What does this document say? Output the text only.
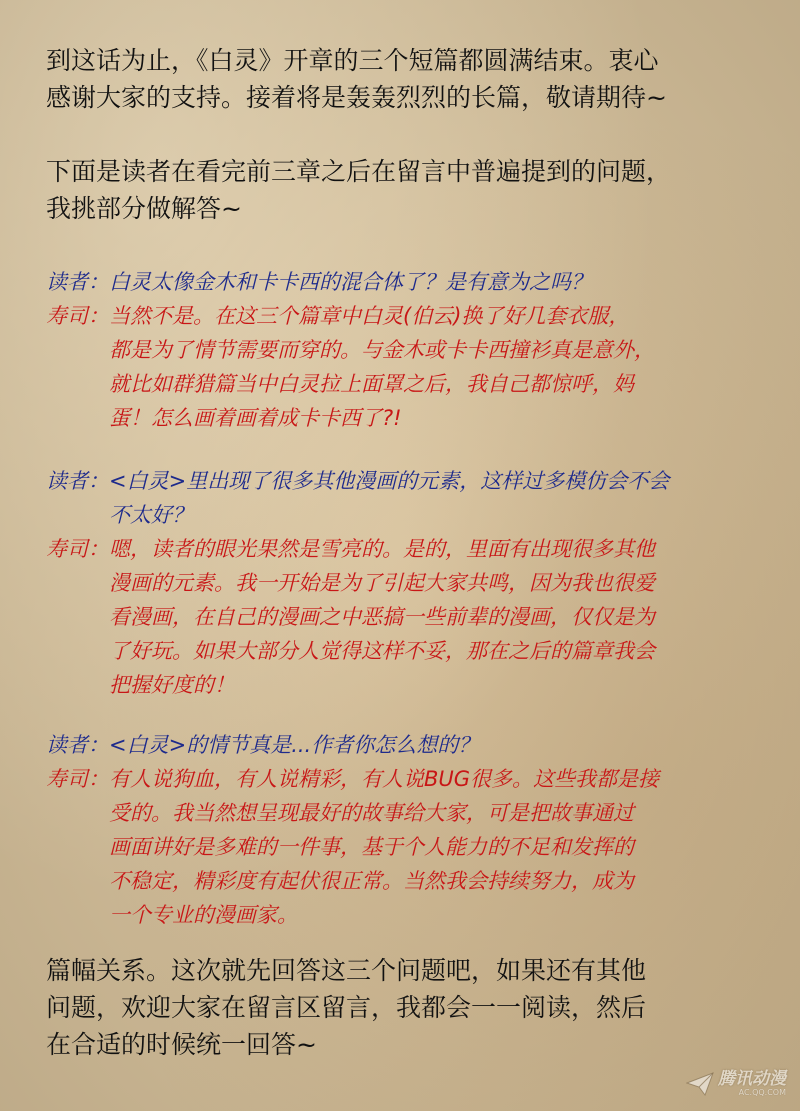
到这话为止，《白灵》开章的三个短篇都圆满结束。衷心
感谢大家的支持。接着将是轰轰烈烈的长篇，敬请期待~
下面是读者在看完前三章之后在留言中普遍提到的问题，
我挑部分做解答~
读者： 白灵太像金木和卡卡西的混合体了？是有意为之吗？
寿司： 当然不是。在这三个篇章中白灵(伯云)换了好几套衣服，
都是为了情节需要而穿的。与金木或卡卡西撞衫真是意外，
就比如群猎篇当中白灵拉上面罩之后，我自己都惊呼，妈
蛋！怎么画着画着成卡卡西了?!
读者： <白灵>里出现了很多其他漫画的元素，这样过多模仿会不会
不太好？
寿司： 嗯，读者的眼光果然是雪亮的。是的，里面有出现很多其他
漫画的元素。我一开始是为了引起大家共鸣，因为我也很爱
看漫画，在自己的漫画之中恶搞一些前辈的漫画，仅仅是为
了好玩。如果大部分人觉得这样不妥，那在之后的篇章我会
把握好度的！
读者： <白灵>的情节真是...作者你怎么想的？
寿司： 有人说狗血，有人说精彩，有人说BUG很多。这些我都是接
受的。我当然想呈现最好的故事给大家，可是把故事通过
画面讲好是多难的一件事，基于个人能力的不足和发挥的
不稳定，精彩度有起伏很正常。当然我会持续努力，成为
一个专业的漫画家。
篇幅关系。这次就先回答这三个问题吧，如果还有其他
问题，欢迎大家在留言区留言，我都会一一阅读，然后
在合适的时候统一回答~
腾讯动漫
AC.QQ.COM
